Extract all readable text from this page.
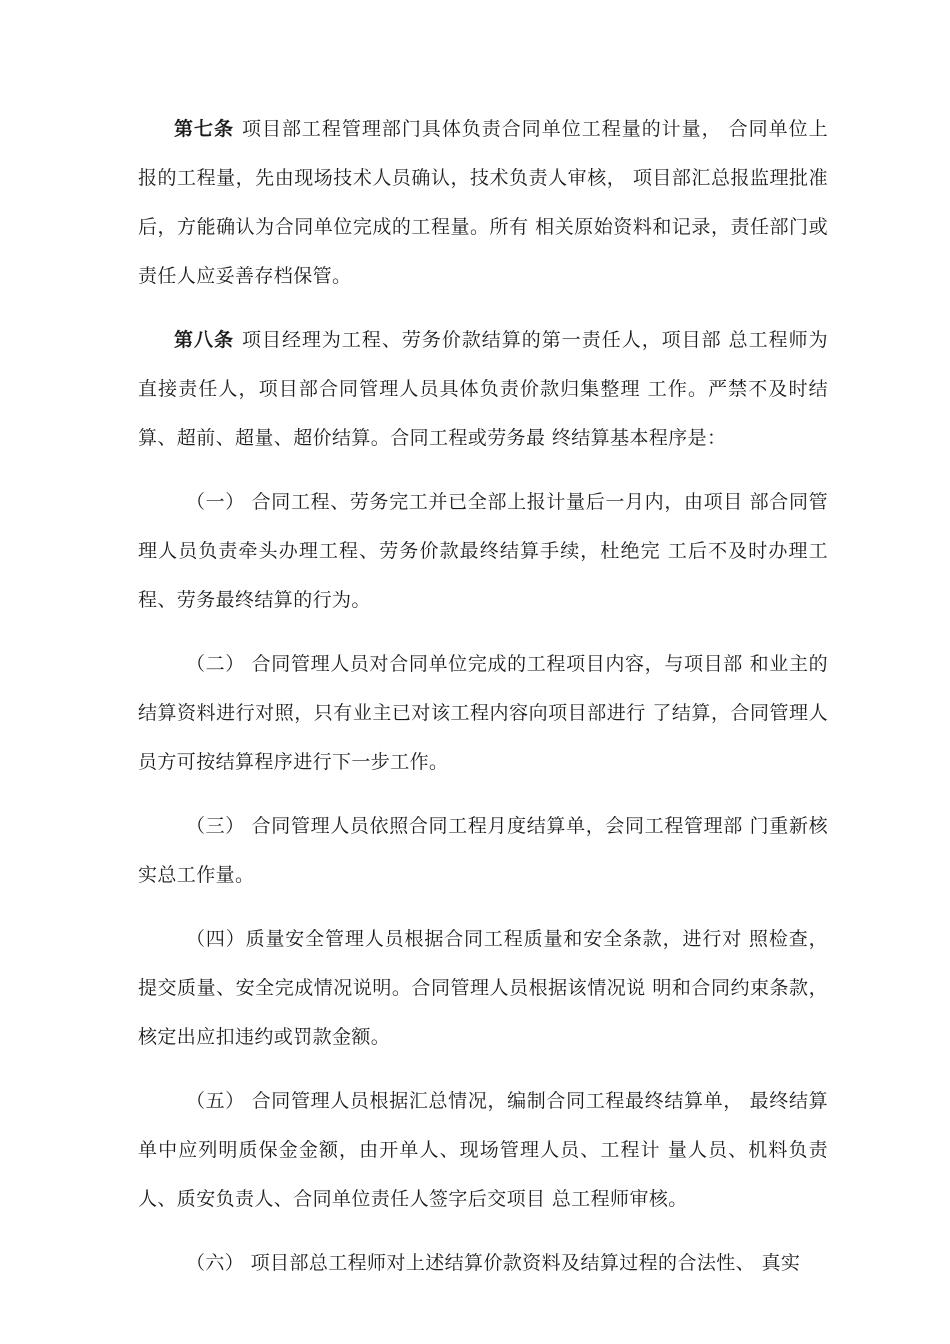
第七条 项目部工程管理部门具体负责合同单位工程量的计量， 合同单位上报的工程量，先由现场技术人员确认，技术负责人审核， 项目部汇总报监理批准后，方能确认为合同单位完成的工程量。所有 相关原始资料和记录，责任部门或责任人应妥善存档保管。

第八条 项目经理为工程、劳务价款结算的第一责任人，项目部 总工程师为直接责任人，项目部合同管理人员具体负责价款归集整理 工作。严禁不及时结算、超前、超量、超价结算。合同工程或劳务最 终结算基本程序是：

（一） 合同工程、劳务完工并已全部上报计量后一月内，由项目 部合同管理人员负责牵头办理工程、劳务价款最终结算手续，杜绝完 工后不及时办理工程、劳务最终结算的行为。

（二） 合同管理人员对合同单位完成的工程项目内容，与项目部 和业主的结算资料进行对照，只有业主已对该工程内容向项目部进行 了结算，合同管理人员方可按结算程序进行下一步工作。

（三） 合同管理人员依照合同工程月度结算单，会同工程管理部 门重新核实总工作量。

（四）质量安全管理人员根据合同工程质量和安全条款，进行对 照检查，提交质量、安全完成情况说明。合同管理人员根据该情况说 明和合同约束条款，核定出应扣违约或罚款金额。

（五） 合同管理人员根据汇总情况，编制合同工程最终结算单， 最终结算单中应列明质保金金额，由开单人、现场管理人员、工程计 量人员、机料负责人、质安负责人、合同单位责任人签字后交项目 总工程师审核。

（六） 项目部总工程师对上述结算价款资料及结算过程的合法性、 真实
